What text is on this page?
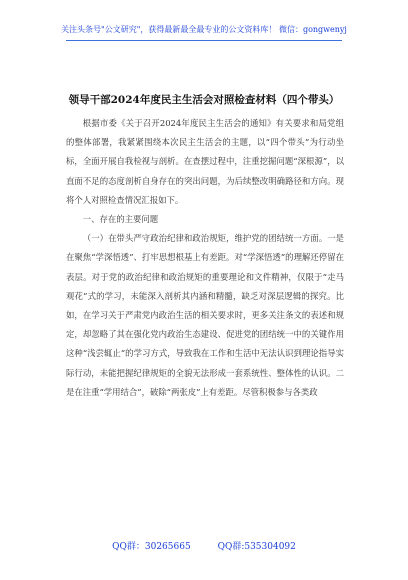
关注头条号"公文研究"，获得最新最全最专业的公文资料库！ 微信：gongwenyj
领导干部2024年度民主生活会对照检查材料（四个带头）

根据市委《关于召开2024年度民主生活会的通知》有关要求和局党组的整体部署，我紧紧围绕本次民主生活会的主题，以“四个带头”为行动坐标，全面开展自我检视与剖析。在查摆过程中，注重挖掘问题“深根源”，以直面不足的态度剖析自身存在的突出问题，为后续整改明确路径和方向。现将个人对照检查情况汇报如下。

一、存在的主要问题

（一）在带头严守政治纪律和政治规矩，维护党的团结统一方面。一是在聚焦“学深悟透”、打牢思想根基上有差距。对“学深悟透”的理解还停留在表层。对于党的政治纪律和政治规矩的重要理论和文件精神，仅限于“走马观花”式的学习，未能深入剖析其内涵和精髓，缺乏对深层逻辑的探究。比如，在学习关于严肃党内政治生活的相关要求时，更多关注条文的表述和规定，却忽略了其在强化党内政治生态建设、促进党的团结统一中的关键作用这种“浅尝辄止”的学习方式，导致我在工作和生活中无法认识到理论指导实际行动，未能把握纪律规矩的全貌无法形成一套系统性、整体性的认识。二是在注重“学用结合”，破除“两张皮”上有差距。尽管积极参与各类政

QQ群：30265665	QQ群:535304092
